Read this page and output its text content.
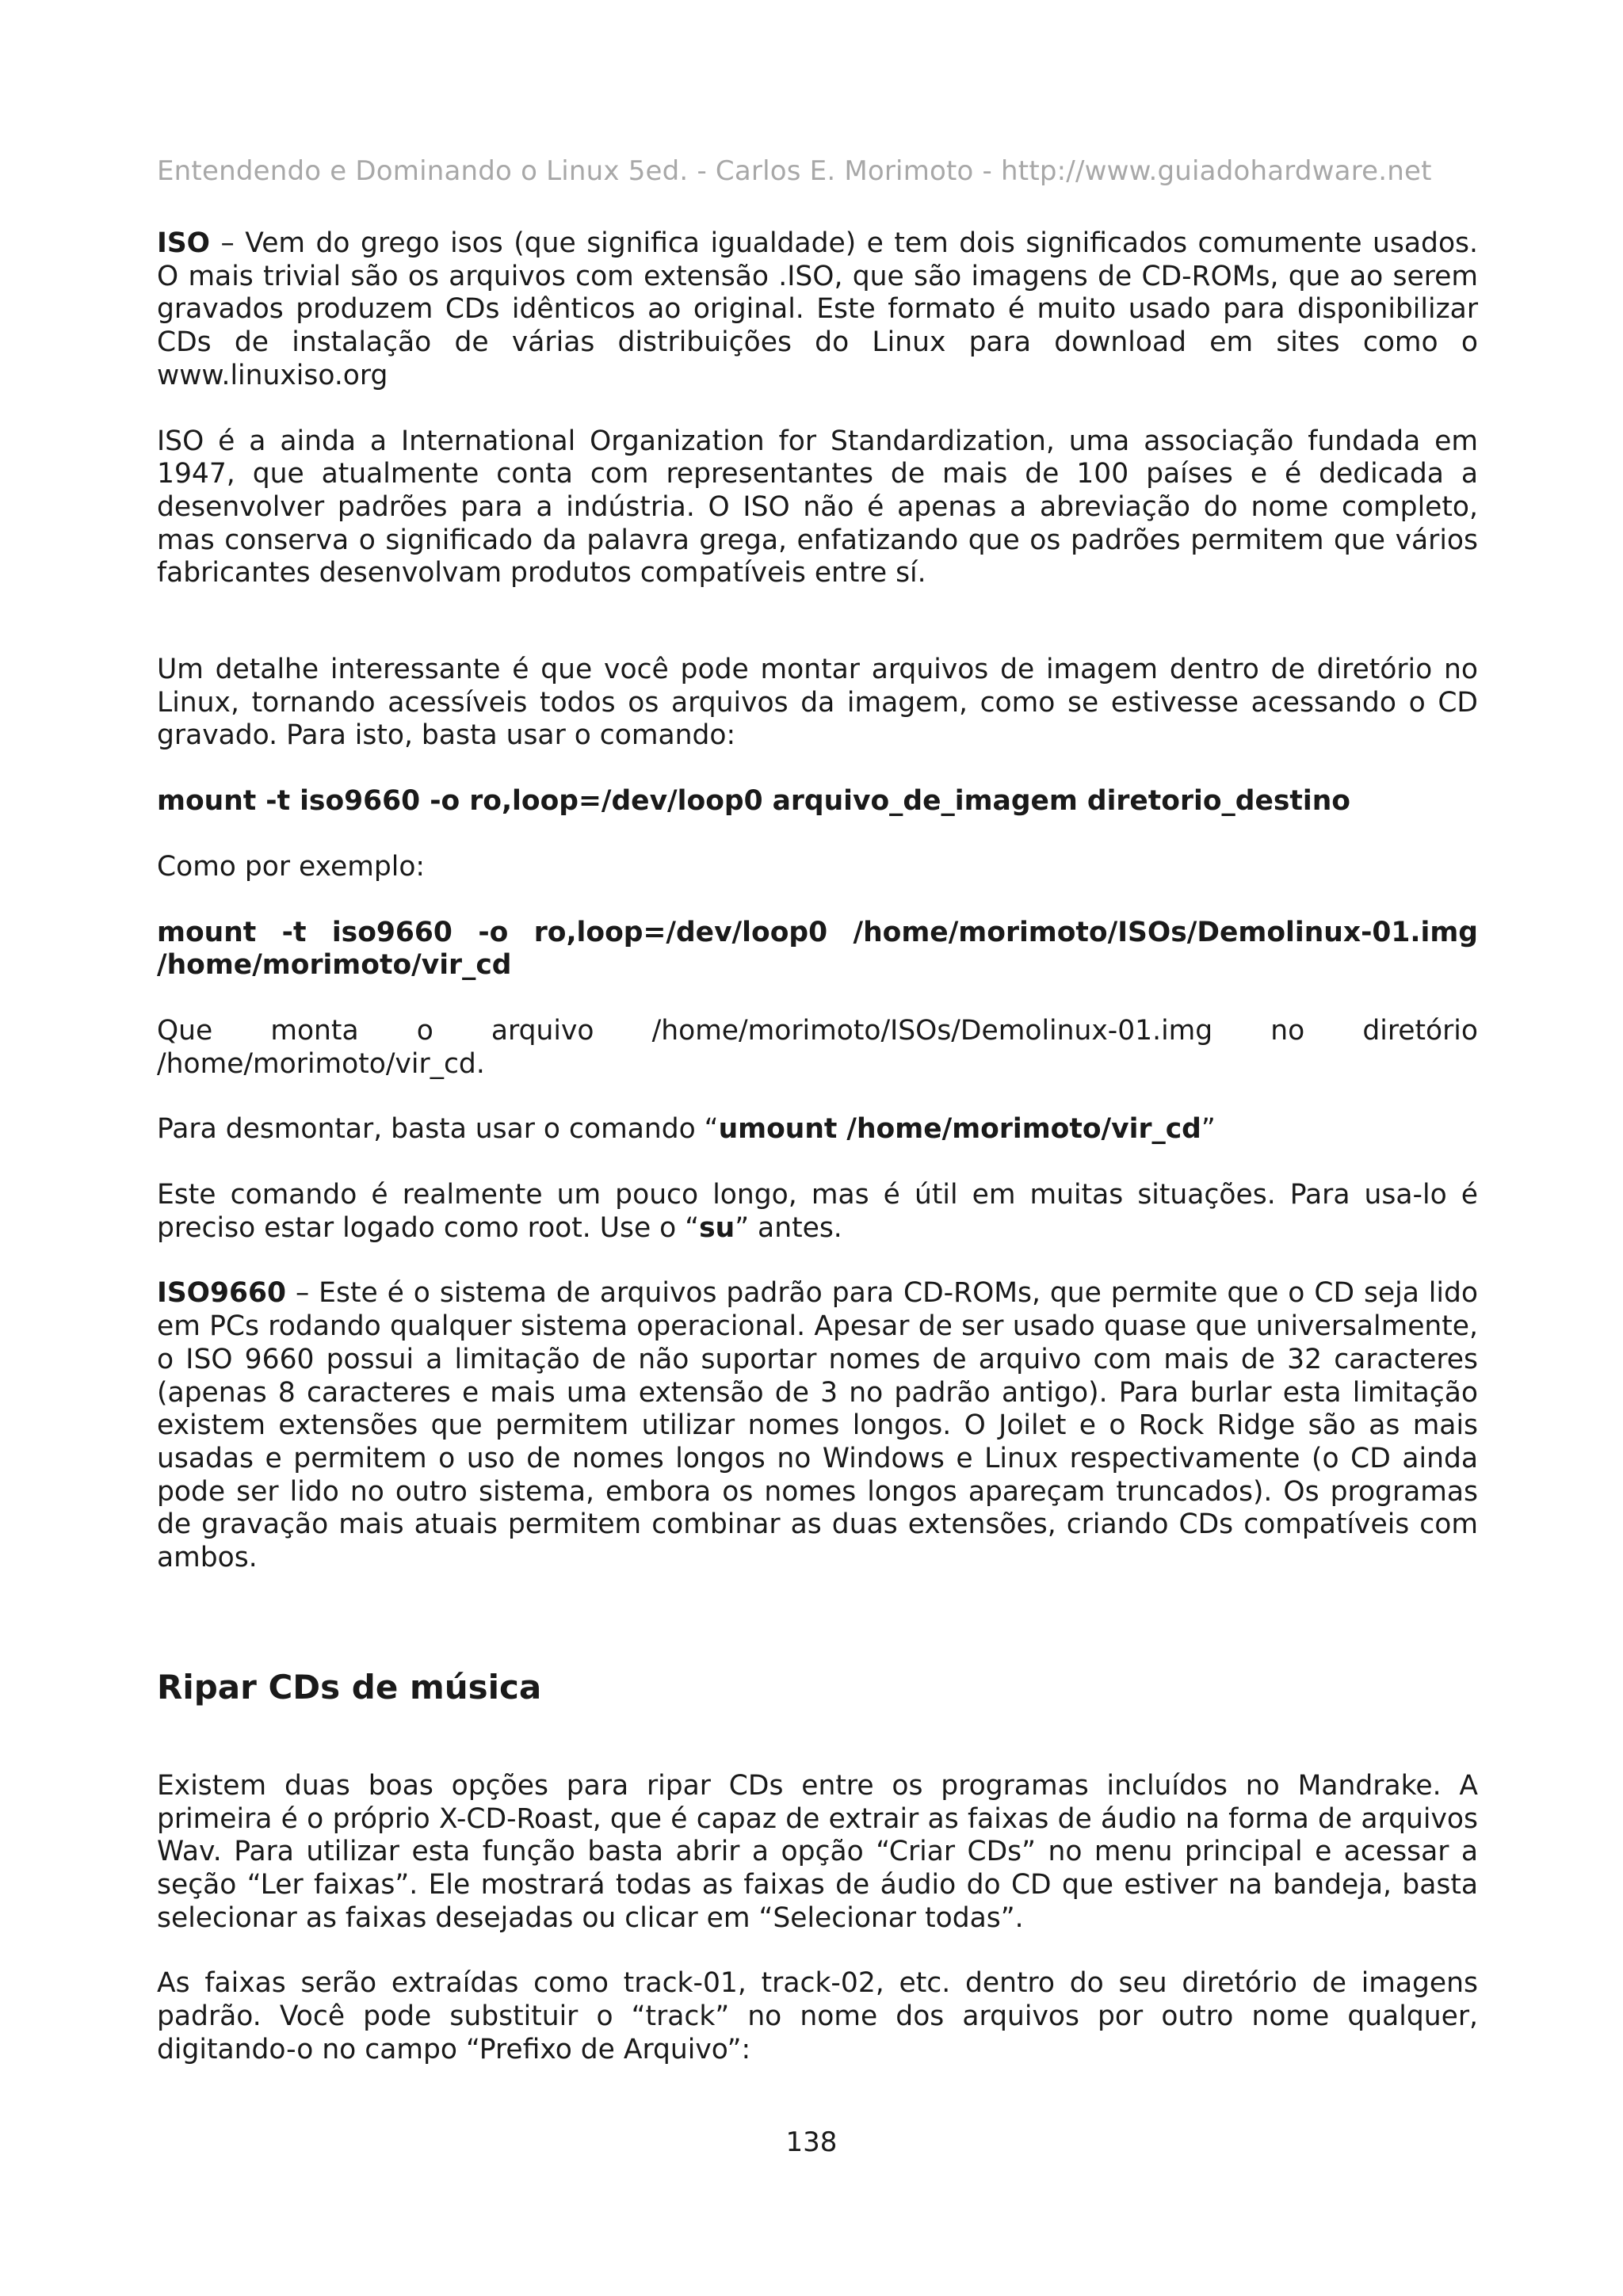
Entendendo e Dominando o Linux 5ed. - Carlos E. Morimoto - http://www.guiadohardware.net

ISO – Vem do grego isos (que significa igualdade) e tem dois significados comumente usados. O mais trivial são os arquivos com extensão .ISO, que são imagens de CD-ROMs, que ao serem gravados produzem CDs idênticos ao original. Este formato é muito usado para disponibilizar CDs de instalação de várias distribuições do Linux para download em sites como o www.linuxiso.org

ISO é a ainda a International Organization for Standardization, uma associação fundada em 1947, que atualmente conta com representantes de mais de 100 países e é dedicada a desenvolver padrões para a indústria. O ISO não é apenas a abreviação do nome completo, mas conserva o significado da palavra grega, enfatizando que os padrões permitem que vários fabricantes desenvolvam produtos compatíveis entre sí.

Um detalhe interessante é que você pode montar arquivos de imagem dentro de diretório no Linux, tornando acessíveis todos os arquivos da imagem, como se estivesse acessando o CD gravado. Para isto, basta usar o comando:

mount -t iso9660 -o ro,loop=/dev/loop0 arquivo_de_imagem diretorio_destino

Como por exemplo:

mount -t iso9660 -o ro,loop=/dev/loop0 /home/morimoto/ISOs/Demolinux-01.img

/home/morimoto/vir_cd

Que monta o arquivo /home/morimoto/ISOs/Demolinux-01.img no diretório

/home/morimoto/vir_cd.

Para desmontar, basta usar o comando “umount /home/morimoto/vir_cd”

Este comando é realmente um pouco longo, mas é útil em muitas situações. Para usa-lo é preciso estar logado como root. Use o “su” antes.

ISO9660 – Este é o sistema de arquivos padrão para CD-ROMs, que permite que o CD seja lido em PCs rodando qualquer sistema operacional. Apesar de ser usado quase que universalmente, o ISO 9660 possui a limitação de não suportar nomes de arquivo com mais de 32 caracteres (apenas 8 caracteres e mais uma extensão de 3 no padrão antigo). Para burlar esta limitação existem extensões que permitem utilizar nomes longos. O Joilet e o Rock Ridge são as mais usadas e permitem o uso de nomes longos no Windows e Linux respectivamente (o CD ainda pode ser lido no outro sistema, embora os nomes longos apareçam truncados). Os programas de gravação mais atuais permitem combinar as duas extensões, criando CDs compatíveis com ambos.

Ripar CDs de música

Existem duas boas opções para ripar CDs entre os programas incluídos no Mandrake. A primeira é o próprio X-CD-Roast, que é capaz de extrair as faixas de áudio na forma de arquivos Wav. Para utilizar esta função basta abrir a opção “Criar CDs” no menu principal e acessar a seção “Ler faixas”. Ele mostrará todas as faixas de áudio do CD que estiver na bandeja, basta selecionar as faixas desejadas ou clicar em “Selecionar todas”.

As faixas serão extraídas como track-01, track-02, etc. dentro do seu diretório de imagens padrão. Você pode substituir o “track” no nome dos arquivos por outro nome qualquer, digitando-o no campo “Prefixo de Arquivo”:

138
